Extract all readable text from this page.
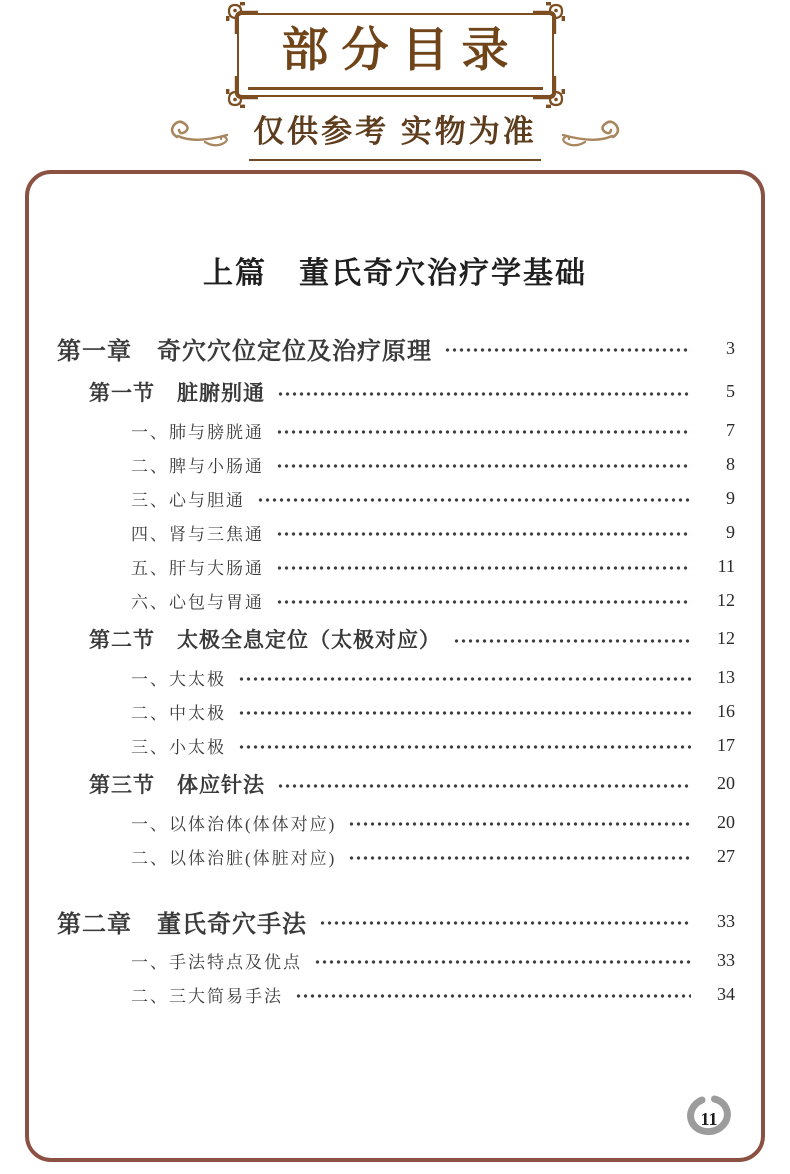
部分目录
仅供参考 实物为准
上篇　董氏奇穴治疗学基础
第一章　奇穴穴位定位及治疗原理	3
第一节　脏腑别通	5
一、肺与膀胱通	7
二、脾与小肠通	8
三、心与胆通	9
四、肾与三焦通	9
五、肝与大肠通	11
六、心包与胃通	12
第二节　太极全息定位（太极对应）	12
一、大太极	13
二、中太极	16
三、小太极	17
第三节　体应针法	20
一、以体治体(体体对应)	20
二、以体治脏(体脏对应)	27
第二章　董氏奇穴手法	33
一、手法特点及优点	33
二、三大简易手法	34
11
